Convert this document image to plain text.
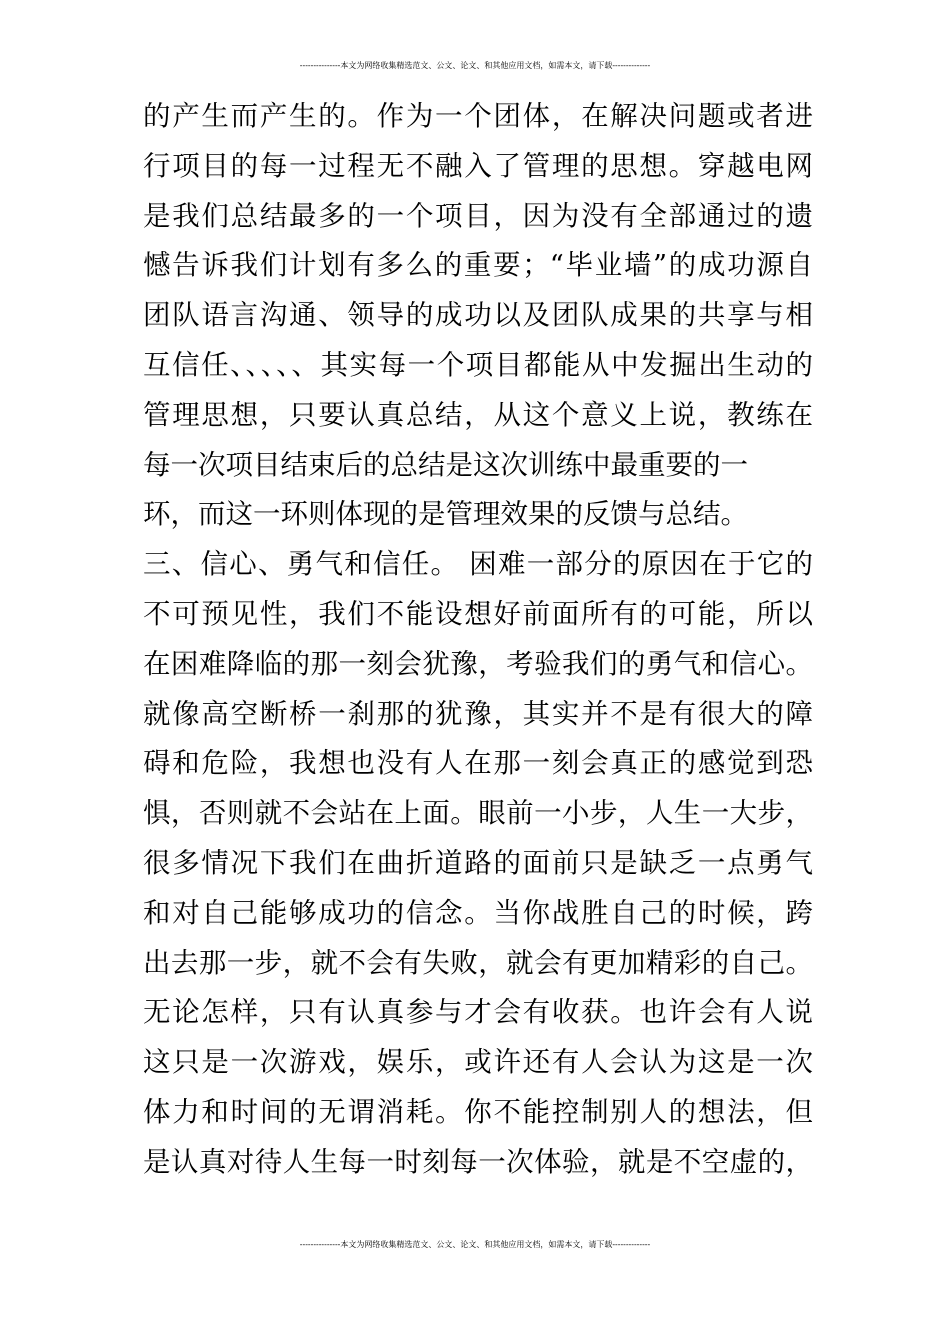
---------------本文为网络收集精选范文、公文、论文、和其他应用文档，如需本文，请下载--------------
的产生而产生的。作为一个团体，在解决问题或者进
行项目的每一过程无不融入了管理的思想。穿越电网
是我们总结最多的一个项目，因为没有全部通过的遗
憾告诉我们计划有多么的重要；“毕业墙”的成功源自
团队语言沟通、领导的成功以及团队成果的共享与相
互信任、、、、、其实每一个项目都能从中发掘出生动的
管理思想，只要认真总结，从这个意义上说，教练在
每一次项目结束后的总结是这次训练中最重要的一
环，而这一环则体现的是管理效果的反馈与总结。
三、信心、勇气和信任。 困难一部分的原因在于它的
不可预见性，我们不能设想好前面所有的可能，所以
在困难降临的那一刻会犹豫，考验我们的勇气和信心。
就像高空断桥一刹那的犹豫，其实并不是有很大的障
碍和危险，我想也没有人在那一刻会真正的感觉到恐
惧，否则就不会站在上面。眼前一小步，人生一大步，
很多情况下我们在曲折道路的面前只是缺乏一点勇气
和对自己能够成功的信念。当你战胜自己的时候，跨
出去那一步，就不会有失败，就会有更加精彩的自己。
无论怎样，只有认真参与才会有收获。也许会有人说
这只是一次游戏，娱乐，或许还有人会认为这是一次
体力和时间的无谓消耗。你不能控制别人的想法，但
是认真对待人生每一时刻每一次体验，就是不空虚的，
---------------本文为网络收集精选范文、公文、论文、和其他应用文档，如需本文，请下载--------------
